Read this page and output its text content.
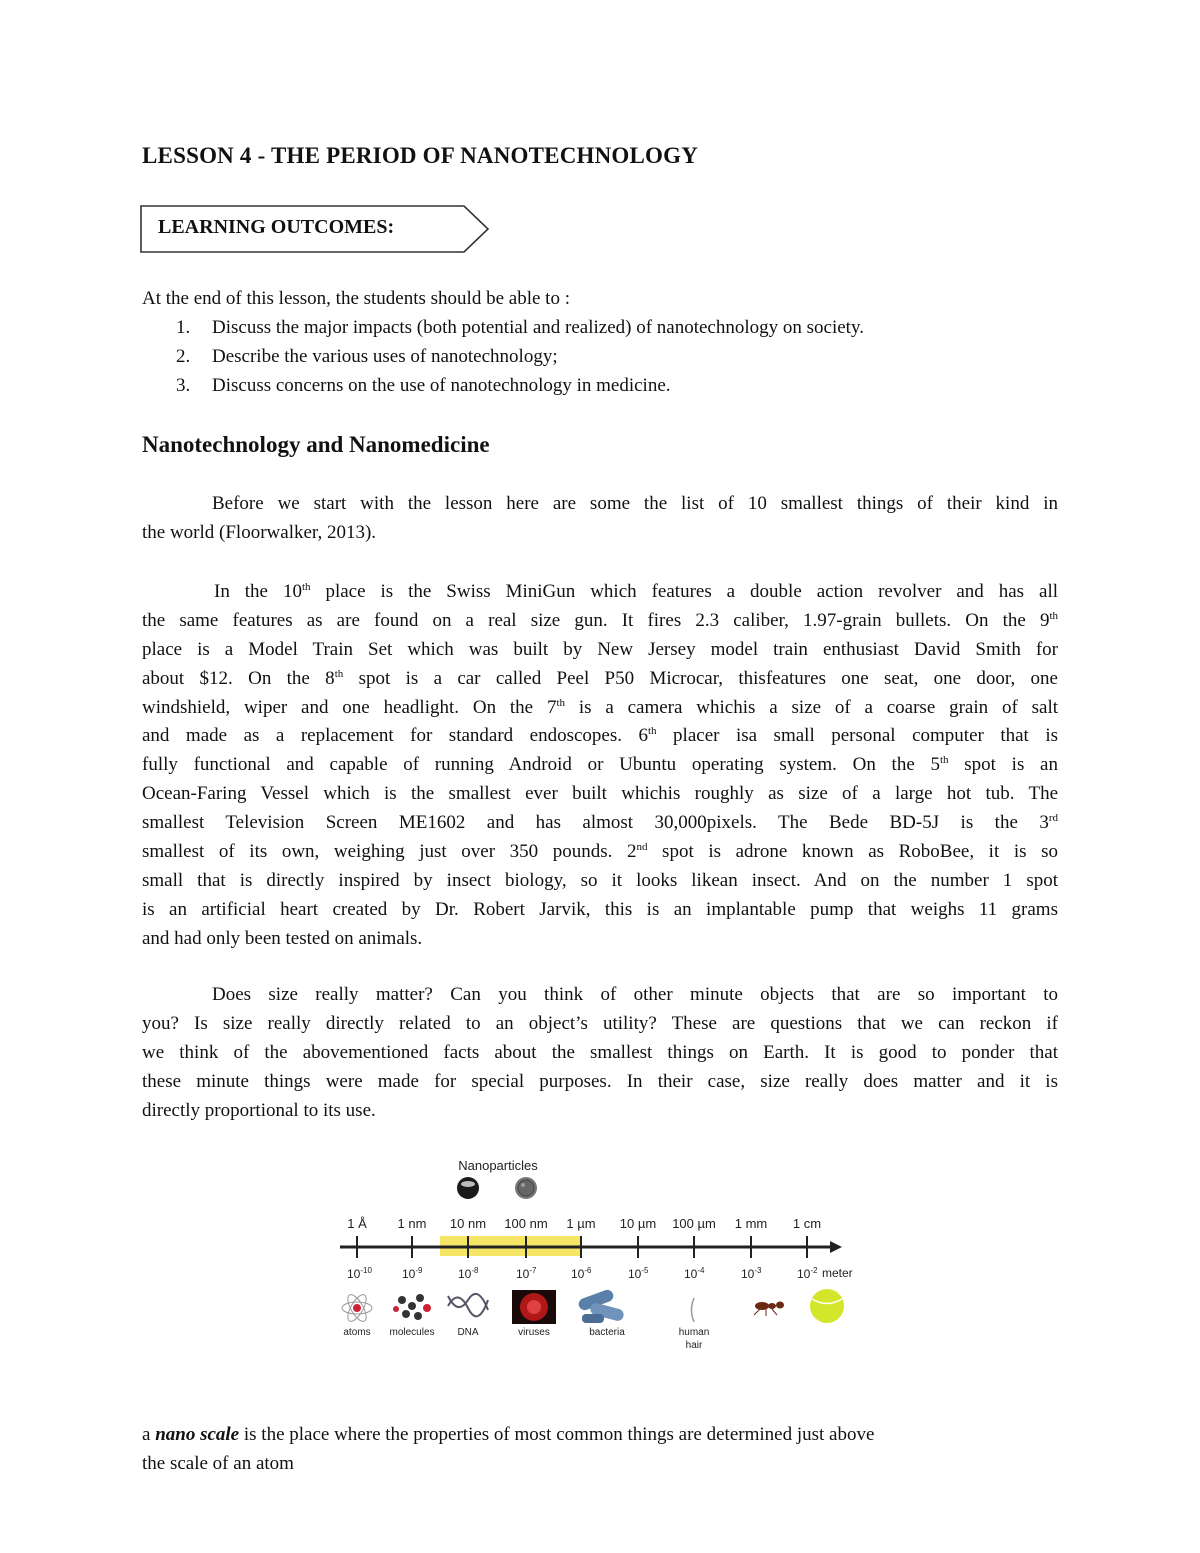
LESSON 4 - THE PERIOD OF NANOTECHNOLOGY
LEARNING OUTCOMES:
At the end of this lesson, the students should be able to :
1. Discuss the major impacts (both potential and realized) of nanotechnology on society.
2. Describe the various uses of nanotechnology;
3. Discuss concerns on the use of nanotechnology in medicine.
Nanotechnology and Nanomedicine
Before we start with the lesson here are some the list of 10 smallest things of their kind in
the world (Floorwalker, 2013).
In the 10th place is the Swiss MiniGun which features a double action revolver and has all
the same features as are found on a real size gun. It fires 2.3 caliber, 1.97-grain bullets. On the 9th
place is a Model Train Set which was built by New Jersey model train enthusiast David Smith for
about $12. On the 8th spot is a car called Peel P50 Microcar, thisfeatures one seat, one door, one
windshield, wiper and one headlight. On the 7th is a camera whichis a size of a coarse grain of salt
and made as a replacement for standard endoscopes. 6th placer isa small personal computer that is
fully functional and capable of running Android or Ubuntu operating system. On the 5th spot is an
Ocean-Faring Vessel which is the smallest ever built whichis roughly as size of a large hot tub. The
smallest Television Screen ME1602 and has almost 30,000pixels. The Bede BD-5J is the 3rd
smallest of its own, weighing just over 350 pounds. 2nd spot is adrone known as RoboBee, it is so
small that is directly inspired by insect biology, so it looks likean insect. And on the number 1 spot
is an artificial heart created by Dr. Robert Jarvik, this is an implantable pump that weighs 11 grams
and had only been tested on animals.
Does size really matter? Can you think of other minute objects that are so important to
you? Is size really directly related to an object’s utility? These are questions that we can reckon if
we think of the abovementioned facts about the smallest things on Earth. It is good to ponder that
these minute things were made for special purposes. In their case, size really does matter and it is
directly proportional to its use.
Nanoparticles
1 Å 1 nm 10 nm 100 nm 1 µm 10 µm 100 µm 1 mm 1 cm
$10^{-10}$	$10^{-9}$	$10^{-8}$	$10^{-7}$	$10^{-6}$	$10^{-5}$	$10^{-4}$	$10^{-3}$	$10^{-2}$ meter
atoms molecules DNA	viruses	bacteria	human
hair
a nano scale is the place where the properties of most common things are determined just above
the scale of an atom
